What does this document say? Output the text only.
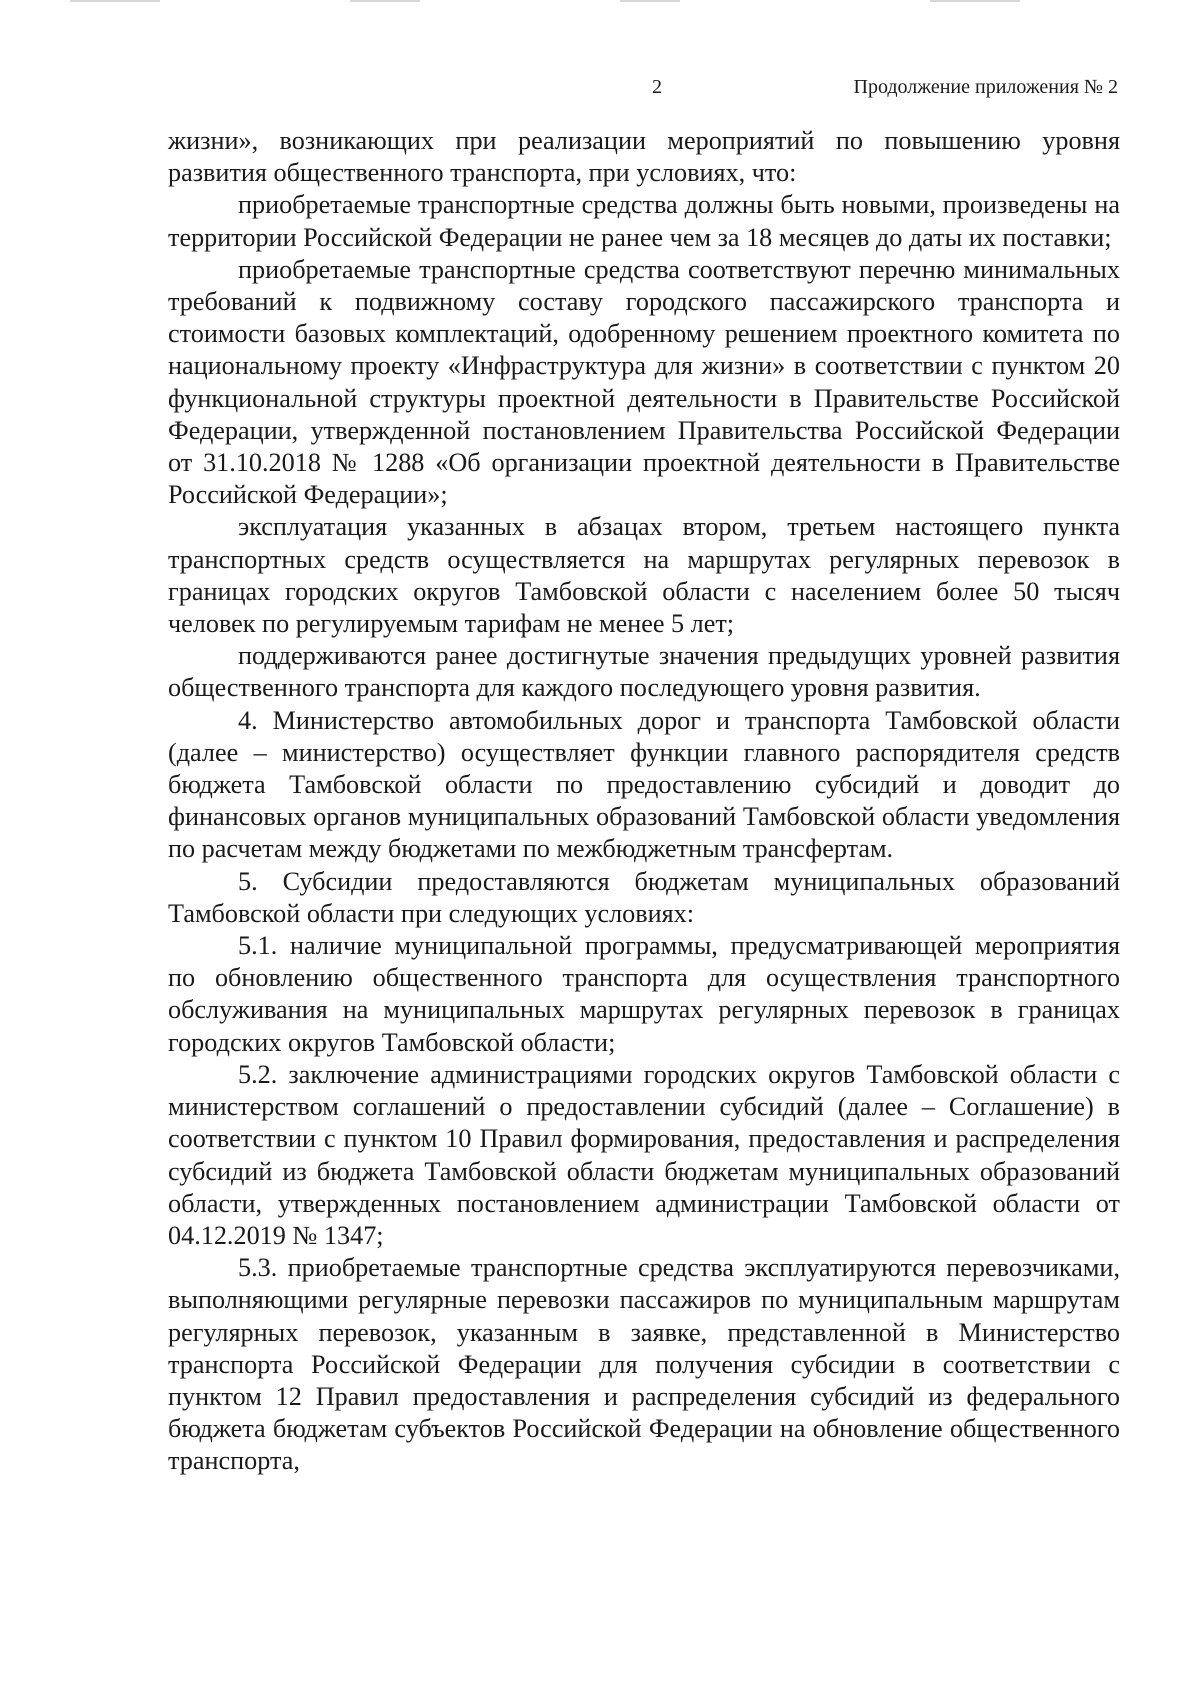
2	Продолжение приложения № 2

жизни», возникающих при реализации мероприятий по повышению уровня развития общественного транспорта, при условиях, что:

приобретаемые транспортные средства должны быть новыми, произведены на территории Российской Федерации не ранее чем за 18 месяцев до даты их поставки;

приобретаемые транспортные средства соответствуют перечню минимальных требований к подвижному составу городского пассажирского транспорта и стоимости базовых комплектаций, одобренному решением проектного комитета по национальному проекту «Инфраструктура для жизни» в соответствии с пунктом 20 функциональной структуры проектной деятельности в Правительстве Российской Федерации, утвержденной постановлением Правительства Российской Федерации от 31.10.2018 № 1288 «Об организации проектной деятельности в Правительстве Российской Федерации»;

эксплуатация указанных в абзацах втором, третьем настоящего пункта транспортных средств осуществляется на маршрутах регулярных перевозок в границах городских округов Тамбовской области с населением более 50 тысяч человек по регулируемым тарифам не менее 5 лет;

поддерживаются ранее достигнутые значения предыдущих уровней развития общественного транспорта для каждого последующего уровня развития.

4. Министерство автомобильных дорог и транспорта Тамбовской области (далее – министерство) осуществляет функции главного распорядителя средств бюджета Тамбовской области по предоставлению субсидий и доводит до финансовых органов муниципальных образований Тамбовской области уведомления по расчетам между бюджетами по межбюджетным трансфертам.

5. Субсидии предоставляются бюджетам муниципальных образований Тамбовской области при следующих условиях:

5.1. наличие муниципальной программы, предусматривающей мероприятия по обновлению общественного транспорта для осуществления транспортного обслуживания на муниципальных маршрутах регулярных перевозок в границах городских округов Тамбовской области;

5.2. заключение администрациями городских округов Тамбовской области с министерством соглашений о предоставлении субсидий (далее – Соглашение) в соответствии с пунктом 10 Правил формирования, предоставления и распределения субсидий из бюджета Тамбовской области бюджетам муниципальных образований области, утвержденных постановлением администрации Тамбовской области от 04.12.2019 № 1347;

5.3. приобретаемые транспортные средства эксплуатируются перевозчиками, выполняющими регулярные перевозки пассажиров по муниципальным маршрутам регулярных перевозок, указанным в заявке, представленной в Министерство транспорта Российской Федерации для получения субсидии в соответствии с пунктом 12 Правил предоставления и распределения субсидий из федерального бюджета бюджетам субъектов Российской Федерации на обновление общественного транспорта,
